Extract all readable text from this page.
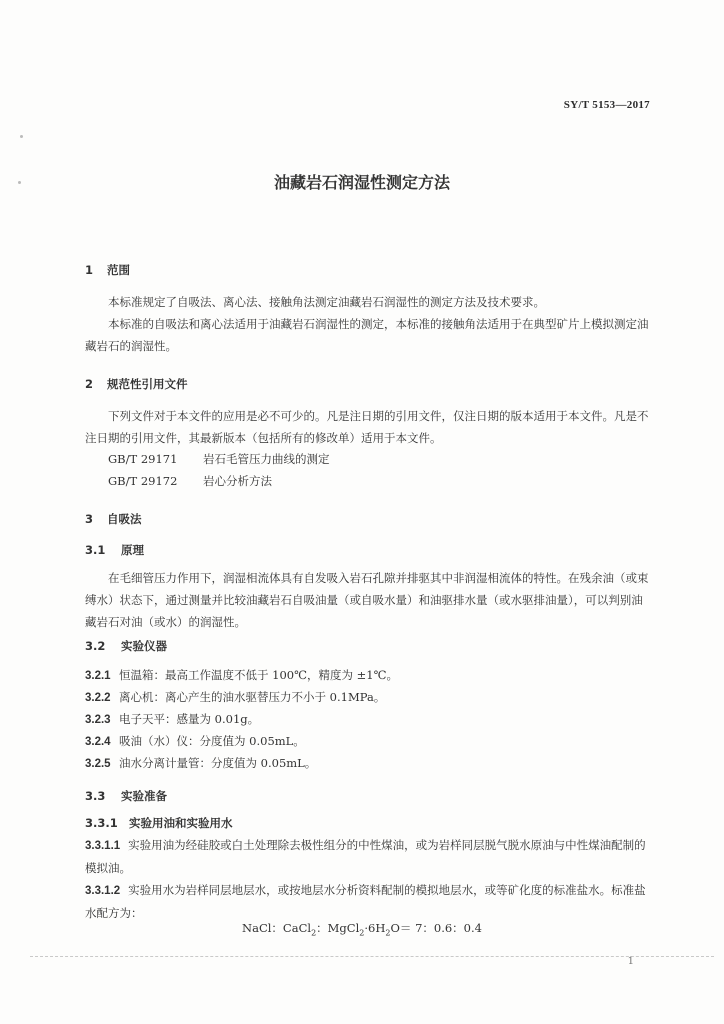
SY/T 5153—2017
油藏岩石润湿性测定方法
1 范围

本标准规定了自吸法、离心法、接触角法测定油藏岩石润湿性的测定方法及技术要求。

本标准的自吸法和离心法适用于油藏岩石润湿性的测定，本标准的接触角法适用于在典型矿片上模拟测定油藏岩石的润湿性。

2 规范性引用文件

下列文件对于本文件的应用是必不可少的。凡是注日期的引用文件，仅注日期的版本适用于本文件。凡是不注日期的引用文件，其最新版本（包括所有的修改单）适用于本文件。

GB/T 29171 岩石毛管压力曲线的测定
GB/T 29172 岩心分析方法
3 自吸法
3.1 原理

在毛细管压力作用下，润湿相流体具有自发吸入岩石孔隙并排驱其中非润湿相流体的特性。在残余油（或束缚水）状态下，通过测量并比较油藏岩石自吸油量（或自吸水量）和油驱排水量（或水驱排油量），可以判别油藏岩石对油（或水）的润湿性。

3.2 实验仪器
3.2.1 恒温箱：最高工作温度不低于 100℃，精度为 ±1℃。
3.2.2 离心机：离心产生的油水驱替压力不小于 0.1MPa。
3.2.3 电子天平：感量为 0.01g。
3.2.4 吸油（水）仪：分度值为 0.05mL。
3.2.5 油水分离计量管：分度值为 0.05mL。
3.3 实验准备
3.3.1 实验用油和实验用水

3.3.1.1 实验用油为经硅胶或白土处理除去极性组分的中性煤油，或为岩样同层脱气脱水原油与中性煤油配制的模拟油。

3.3.1.2 实验用水为岩样同层地层水，或按地层水分析资料配制的模拟地层水，或等矿化度的标准盐水。标准盐水配方为：

NaCl：CaCl$_2$：$MgCl_2\cdot 6H_2O= 7$：0.6：0.4
1
